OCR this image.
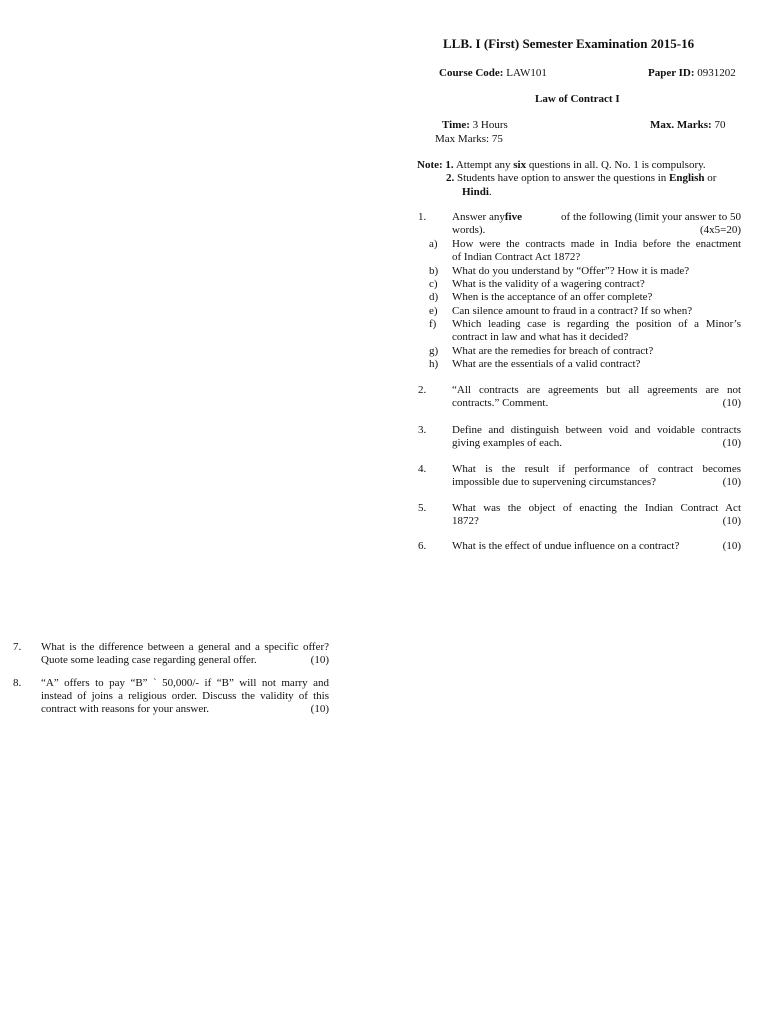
LLB. I (First) Semester Examination 2015-16
Course Code: LAW101	Paper ID: 0931202
Law of Contract I
Time: 3 Hours	Max. Marks: 70
Max Marks: 75
Note: 1. Attempt any six questions in all. Q. No. 1 is compulsory.
2. Students have option to answer the questions in English or
Hindi.
1. Answer any five	of the following (limit your answer to 50
words).	(4x5=20)
a) How were the contracts made in India before the enactment
of Indian Contract Act 1872?
b) What do you understand by “Offer”? How it is made?
c) What is the validity of a wagering contract?
d) When is the acceptance of an offer complete?
e) Can silence amount to fraud in a contract? If so when?
f) Which leading case is regarding the position of a Minor’s
contract in law and what has it decided?
g) What are the remedies for breach of contract?
h) What are the essentials of a valid contract?
2. “All contracts are agreements but all agreements are not
contracts.” Comment.	(10)
3. Define and distinguish between void and voidable contracts
giving examples of each.	(10)
4. What is the result if performance of contract becomes
impossible due to supervening circumstances?	(10)
5. What was the object of enacting the Indian Contract Act
1872?	(10)
6. What is the effect of undue influence on a contract?	(10)
7. What is the difference between a general and a specific offer?
Quote some leading case regarding general offer.	(10)
8. “A” offers to pay “B” ` 50,000/- if “B” will not marry and
instead of joins a religious order. Discuss the validity of this
contract with reasons for your answer.	(10)
